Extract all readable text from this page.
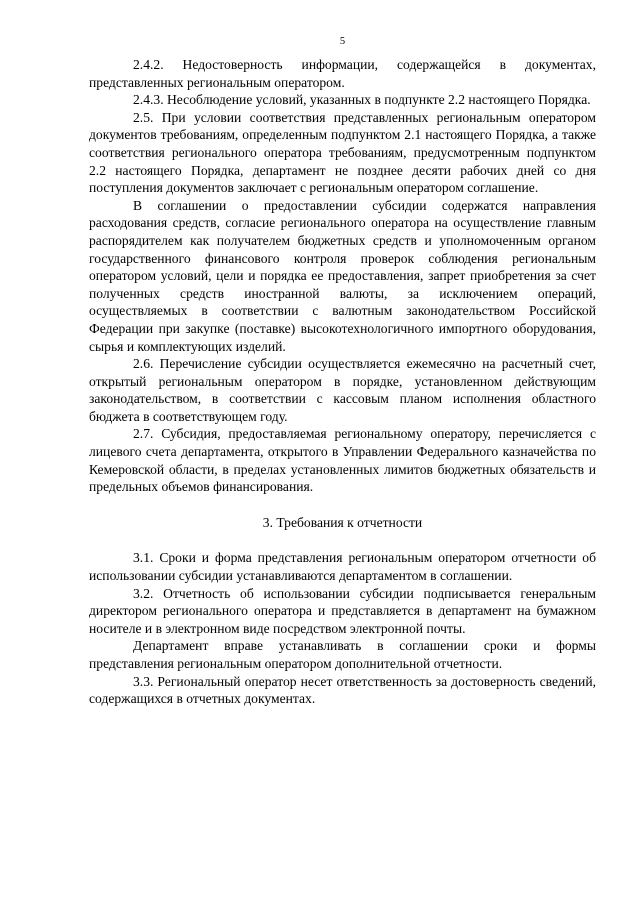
5

2.4.2. Недостоверность информации, содержащейся в документах, представленных региональным оператором.

2.4.3. Несоблюдение условий, указанных в подпункте 2.2 настоящего Порядка.

2.5. При условии соответствия представленных региональным оператором документов требованиям, определенным подпунктом 2.1 настоящего Порядка, а также соответствия регионального оператора требованиям, предусмотренным подпунктом 2.2 настоящего Порядка, департамент не позднее десяти рабочих дней со дня поступления документов заключает с региональным оператором соглашение.

В соглашении о предоставлении субсидии содержатся направления расходования средств, согласие регионального оператора на осуществление главным распорядителем как получателем бюджетных средств и уполномоченным органом государственного финансового контроля проверок соблюдения региональным оператором условий, цели и порядка ее предоставления, запрет приобретения за счет полученных средств иностранной валюты, за исключением операций, осуществляемых в соответствии с валютным законодательством Российской Федерации при закупке (поставке) высокотехнологичного импортного оборудования, сырья и комплектующих изделий.

2.6. Перечисление субсидии осуществляется ежемесячно на расчетный счет, открытый региональным оператором в порядке, установленном действующим законодательством, в соответствии с кассовым планом исполнения областного бюджета в соответствующем году.

2.7. Субсидия, предоставляемая региональному оператору, перечисляется с лицевого счета департамента, открытого в Управлении Федерального казначейства по Кемеровской области, в пределах установленных лимитов бюджетных обязательств и предельных объемов финансирования.

3. Требования к отчетности

3.1. Сроки и форма представления региональным оператором отчетности об использовании субсидии устанавливаются департаментом в соглашении.

3.2. Отчетность об использовании субсидии подписывается генеральным директором регионального оператора и представляется в департамент на бумажном носителе и в электронном виде посредством электронной почты.

Департамент вправе устанавливать в соглашении сроки и формы представления региональным оператором дополнительной отчетности.

3.3. Региональный оператор несет ответственность за достоверность сведений, содержащихся в отчетных документах.
